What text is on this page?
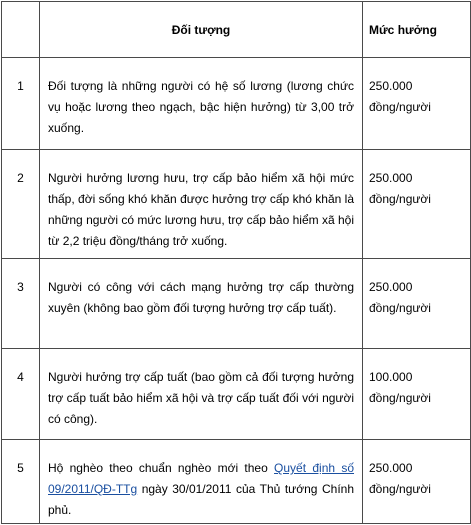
	Đối tượng	Mức hưởng
1	Đối tượng là những người có hệ số lương (lương chức vụ hoặc lương theo ngạch, bậc hiện hưởng) từ 3,00 trở xuống.	250.000 đồng/người
2	Người hưởng lương hưu, trợ cấp bảo hiểm xã hội mức thấp, đời sống khó khăn được hưởng trợ cấp khó khăn là những người có mức lương hưu, trợ cấp bảo hiểm xã hội từ 2,2 triệu đồng/tháng trở xuống.	250.000 đồng/người
3	Người có công với cách mạng hưởng trợ cấp thường xuyên (không bao gồm đối tượng hưởng trợ cấp tuất).	250.000 đồng/người
4	Người hưởng trợ cấp tuất (bao gồm cả đối tượng hưởng trợ cấp tuất bảo hiểm xã hội và trợ cấp tuất đối với người có công).	100.000 đồng/người
5	Hộ nghèo theo chuẩn nghèo mới theo Quyết định số 09/2011/QĐ-TTg ngày 30/01/2011 của Thủ tướng Chính phủ.	250.000 đồng/người
